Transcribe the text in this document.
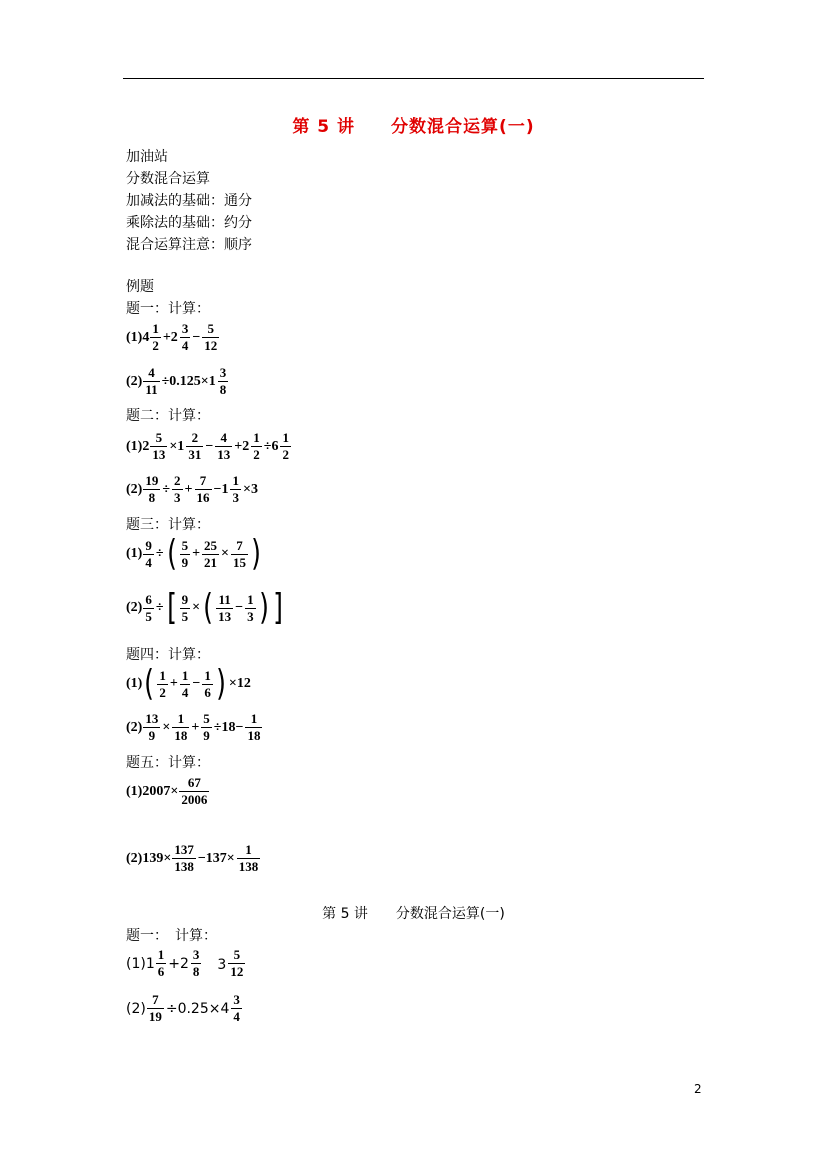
第 5 讲　　分数混合运算(一)
加油站
分数混合运算
加减法的基础：通分
乘除法的基础：约分
混合运算注意：顺序
例题
题一：计算：
$(1)4 \frac{1}{2} +2 \frac{3}{4} - \frac{5}{12}$
$(2) \frac{4}{11} \div 0.125\times 1 \frac{3}{8}$
题二：计算：
$(1)2 \frac{5}{13} \times 1 \frac{2}{31} - \frac{4}{13} +2 \frac{1}{2} \div 6 \frac{1}{2}$
$(2) \frac{19}{8} \div \frac{2}{3} + \frac{7}{16} -1 \frac{1}{3} \times 3$
题三：计算：
$(1) \frac{9}{4}$ ÷ ( $\frac{5}{9} + \frac{25}{21} \times \frac{7}{15}$ )
$(2) \frac{6}{5}$ ÷ [ $\frac{9}{5}$ × ( $\frac{11}{13} - \frac{1}{3}$ ) ]
题四：计算：
(1) ( $\frac{1}{2} + \frac{1}{4} - \frac{1}{6}$ ) ×12
$(2) \frac{13}{9} \times \frac{1}{18} + \frac{5}{9} \div 18- \frac{1}{18}$
题五：计算：
$(1)2007\times \frac{67}{2006}$
$(2)139\times \frac{137}{138} -137\times \frac{1}{138}$
第 5 讲　　分数混合运算(一)
题一：　计算：
$(1)1 \frac{1}{6} +2 \frac{3}{8}$ 　$3 \frac{5}{12}$
$(2) \frac{7}{19} \div 0.25\times 4 \frac{3}{4}$
2
